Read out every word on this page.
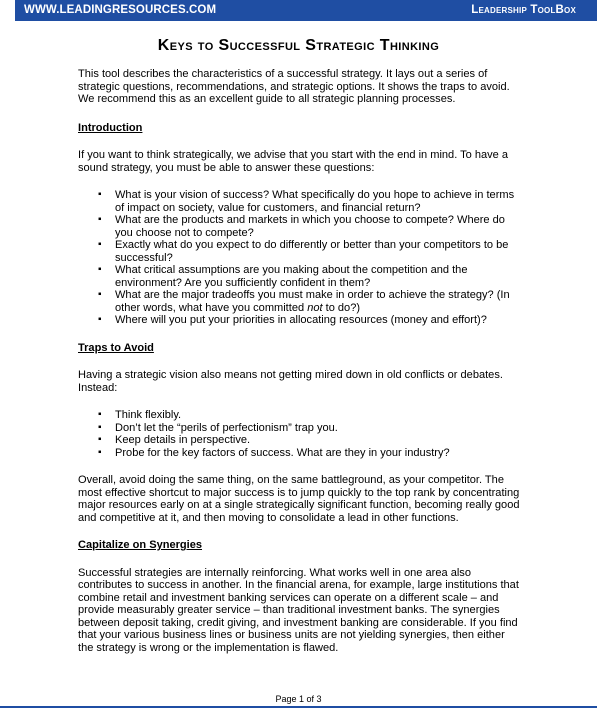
WWW.LEADINGRESOURCES.COM	Leadership ToolBox
Keys to Successful Strategic Thinking

This tool describes the characteristics of a successful strategy. It lays out a series of strategic questions, recommendations, and strategic options. It shows the traps to avoid. We recommend this as an excellent guide to all strategic planning processes.

Introduction

If you want to think strategically, we advise that you start with the end in mind. To have a sound strategy, you must be able to answer these questions:

▪ What is your vision of success? What specifically do you hope to achieve in terms of impact on society, value for customers, and financial return?
▪ What are the products and markets in which you choose to compete? Where do you choose not to compete?
▪ Exactly what do you expect to do differently or better than your competitors to be successful?
▪ What critical assumptions are you making about the competition and the environment? Are you sufficiently confident in them?
▪ What are the major tradeoffs you must make in order to achieve the strategy? (In other words, what have you committed not to do?)
▪ Where will you put your priorities in allocating resources (money and effort)?

Traps to Avoid

Having a strategic vision also means not getting mired down in old conflicts or debates. Instead:

▪ Think flexibly.
▪ Don’t let the “perils of perfectionism” trap you.
▪ Keep details in perspective.
▪ Probe for the key factors of success. What are they in your industry?

Overall, avoid doing the same thing, on the same battleground, as your competitor. The most effective shortcut to major success is to jump quickly to the top rank by concentrating major resources early on at a single strategically significant function, becoming really good and competitive at it, and then moving to consolidate a lead in other functions.

Capitalize on Synergies

Successful strategies are internally reinforcing. What works well in one area also contributes to success in another. In the financial arena, for example, large institutions that combine retail and investment banking services can operate on a different scale – and provide measurably greater service – than traditional investment banks. The synergies between deposit taking, credit giving, and investment banking are considerable. If you find that your various business lines or business units are not yielding synergies, then either the strategy is wrong or the implementation is flawed.

Page 1 of 3
